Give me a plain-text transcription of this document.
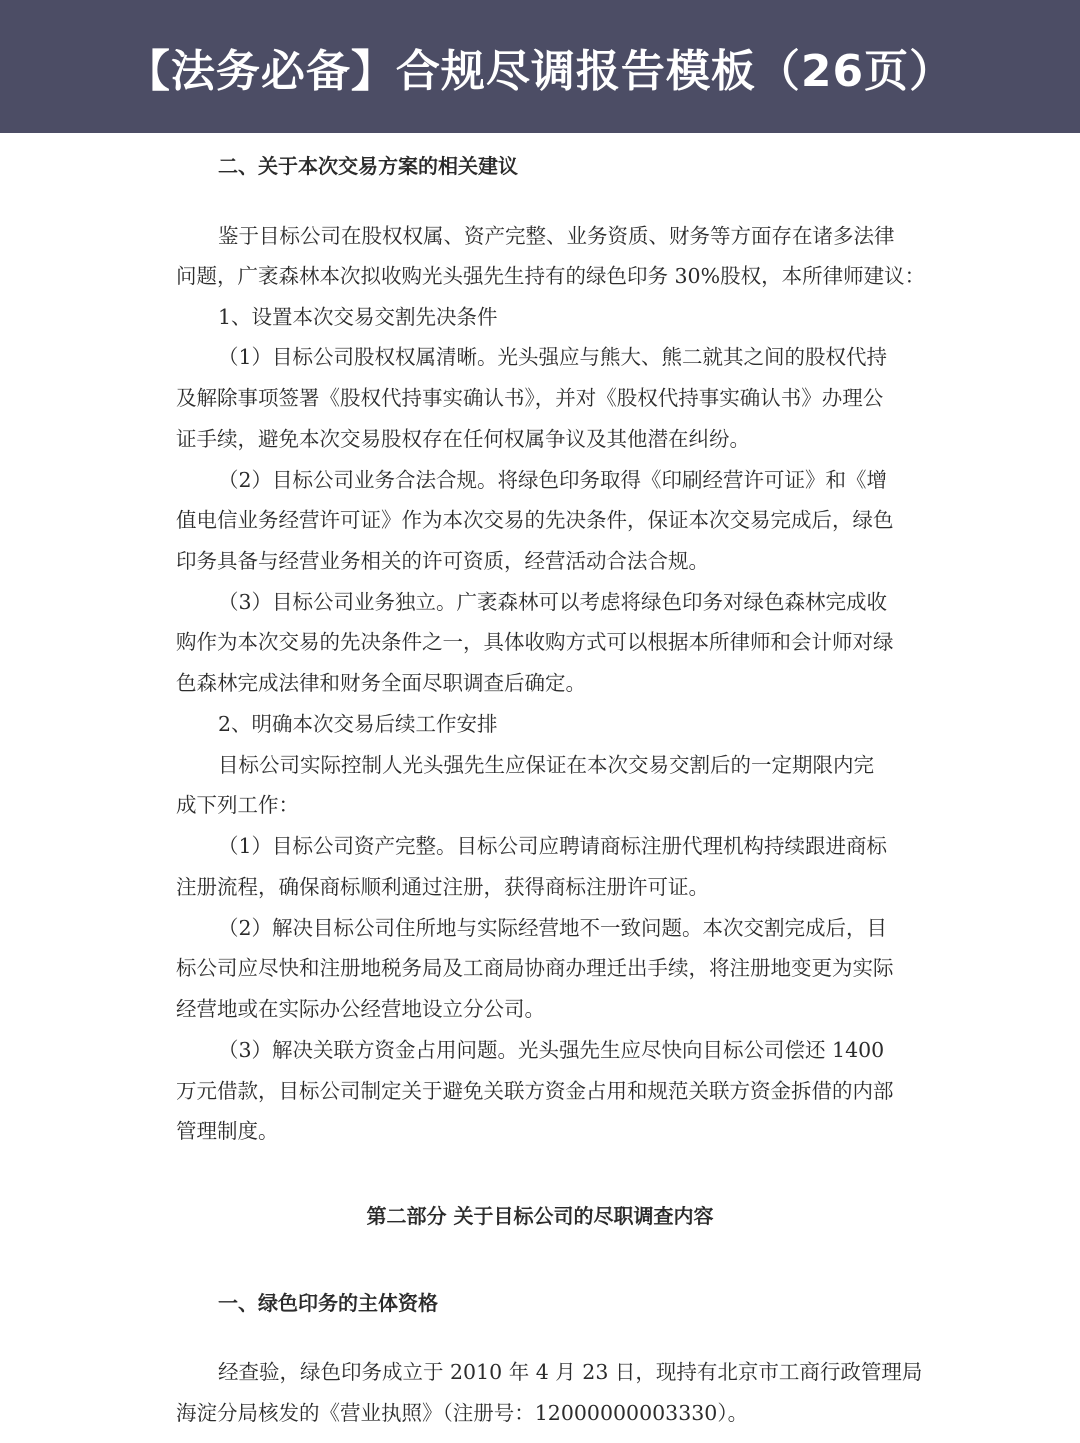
【法务必备】合规尽调报告模板（26页）
二、关于本次交易方案的相关建议
鉴于目标公司在股权权属、资产完整、业务资质、财务等方面存在诸多法律
问题，广袤森林本次拟收购光头强先生持有的绿色印务 30%股权，本所律师建议：
1、设置本次交易交割先决条件
（1）目标公司股权权属清晰。光头强应与熊大、熊二就其之间的股权代持
及解除事项签署《股权代持事实确认书》，并对《股权代持事实确认书》办理公
证手续，避免本次交易股权存在任何权属争议及其他潜在纠纷。
（2）目标公司业务合法合规。将绿色印务取得《印刷经营许可证》和《增
值电信业务经营许可证》作为本次交易的先决条件，保证本次交易完成后，绿色
印务具备与经营业务相关的许可资质，经营活动合法合规。
（3）目标公司业务独立。广袤森林可以考虑将绿色印务对绿色森林完成收
购作为本次交易的先决条件之一，具体收购方式可以根据本所律师和会计师对绿
色森林完成法律和财务全面尽职调查后确定。
2、明确本次交易后续工作安排
目标公司实际控制人光头强先生应保证在本次交易交割后的一定期限内完
成下列工作：
（1）目标公司资产完整。目标公司应聘请商标注册代理机构持续跟进商标
注册流程，确保商标顺利通过注册，获得商标注册许可证。
（2）解决目标公司住所地与实际经营地不一致问题。本次交割完成后，目
标公司应尽快和注册地税务局及工商局协商办理迁出手续，将注册地变更为实际
经营地或在实际办公经营地设立分公司。
（3）解决关联方资金占用问题。光头强先生应尽快向目标公司偿还 1400
万元借款，目标公司制定关于避免关联方资金占用和规范关联方资金拆借的内部
管理制度。
第二部分 关于目标公司的尽职调查内容
一、绿色印务的主体资格
经查验，绿色印务成立于 2010 年 4 月 23 日，现持有北京市工商行政管理局
海淀分局核发的《营业执照》（注册号：12000000003330）。
